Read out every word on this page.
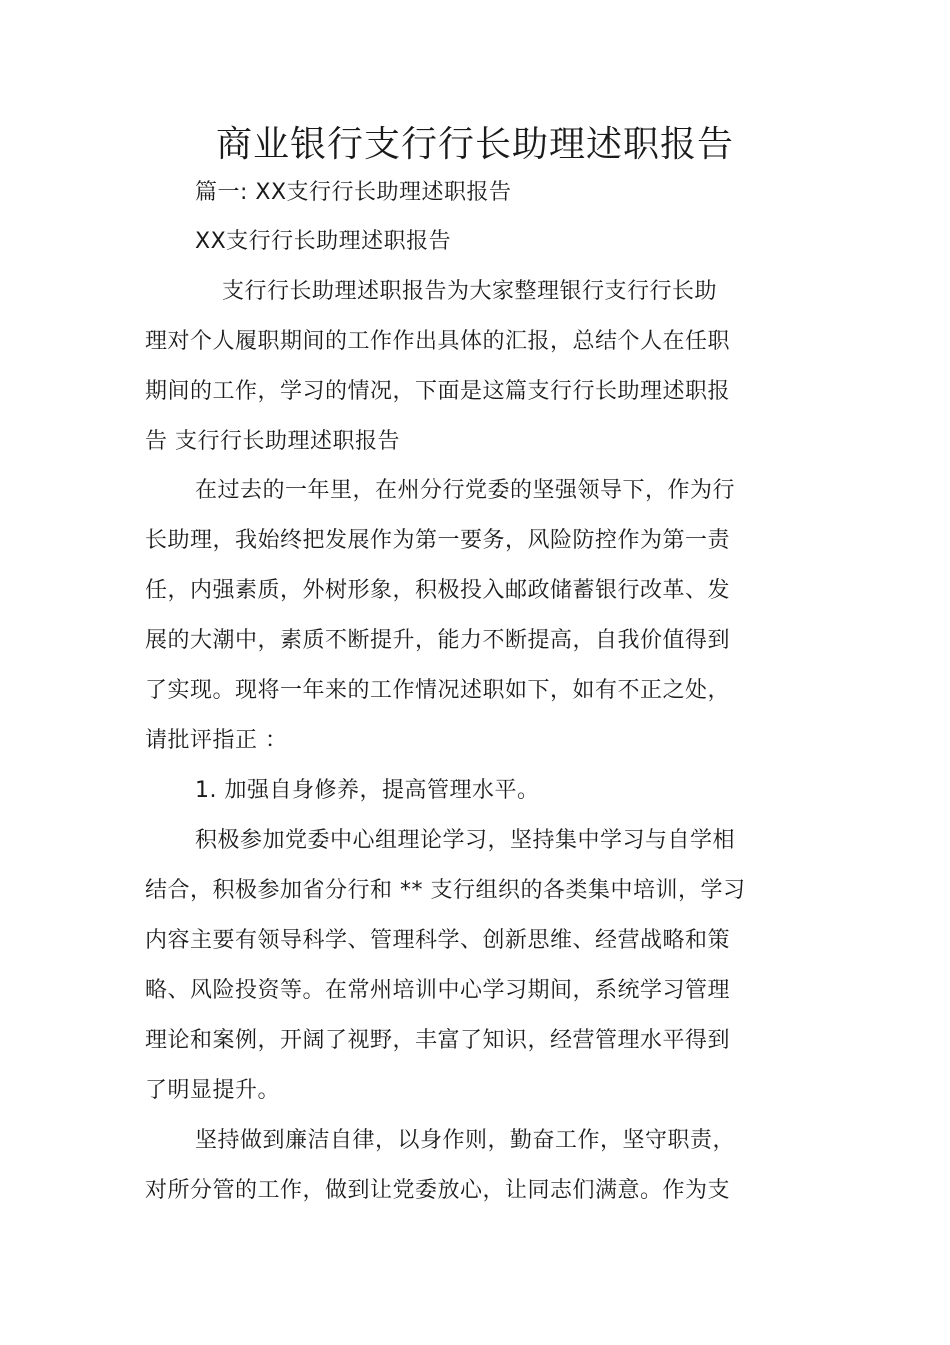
商业银行支行行长助理述职报告
篇一: XX支行行长助理述职报告
XX支行行长助理述职报告
支行行长助理述职报告为大家整理银行支行行长助
理对个人履职期间的工作作出具体的汇报，总结个人在任职
期间的工作，学习的情况，下面是这篇支行行长助理述职报
告 支行行长助理述职报告
在过去的一年里，在州分行党委的坚强领导下，作为行
长助理，我始终把发展作为第一要务，风险防控作为第一责
任，内强素质，外树形象，积极投入邮政储蓄银行改革、发
展的大潮中，素质不断提升，能力不断提高，自我价值得到
了实现。现将一年来的工作情况述职如下，如有不正之处，
请批评指正 ：
1. 加强自身修养，提高管理水平。
积极参加党委中心组理论学习，坚持集中学习与自学相
结合，积极参加省分行和 ** 支行组织的各类集中培训，学习
内容主要有领导科学、管理科学、创新思维、经营战略和策
略、风险投资等。在常州培训中心学习期间，系统学习管理
理论和案例，开阔了视野，丰富了知识，经营管理水平得到
了明显提升。
坚持做到廉洁自律，以身作则，勤奋工作，坚守职责，
对所分管的工作，做到让党委放心，让同志们满意。作为支
